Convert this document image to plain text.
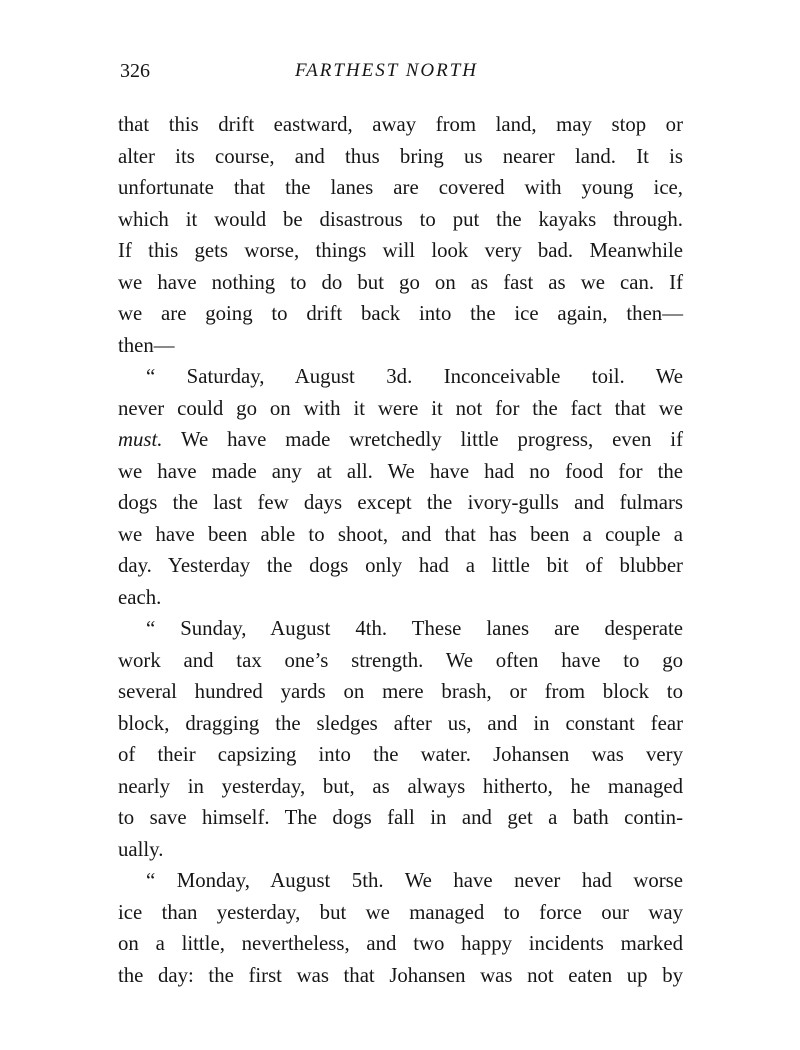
326	FARTHEST NORTH
that this drift eastward, away from land, may stop or
alter its course, and thus bring us nearer land. It is
unfortunate that the lanes are covered with young ice,
which it would be disastrous to put the kayaks through.
If this gets worse, things will look very bad. Meanwhile
we have nothing to do but go on as fast as we can. If
we are going to drift back into the ice again, then—
then—
“ Saturday, August 3d. Inconceivable toil. We
never could go on with it were it not for the fact that we
must. We have made wretchedly little progress, even if
we have made any at all. We have had no food for the
dogs the last few days except the ivory-gulls and fulmars
we have been able to shoot, and that has been a couple a
day. Yesterday the dogs only had a little bit of blubber
each.
“ Sunday, August 4th. These lanes are desperate
work and tax one’s strength. We often have to go
several hundred yards on mere brash, or from block to
block, dragging the sledges after us, and in constant fear
of their capsizing into the water. Johansen was very
nearly in yesterday, but, as always hitherto, he managed
to save himself. The dogs fall in and get a bath contin-
ually.
“ Monday, August 5th. We have never had worse
ice than yesterday, but we managed to force our way
on a little, nevertheless, and two happy incidents marked
the day: the first was that Johansen was not eaten up by
